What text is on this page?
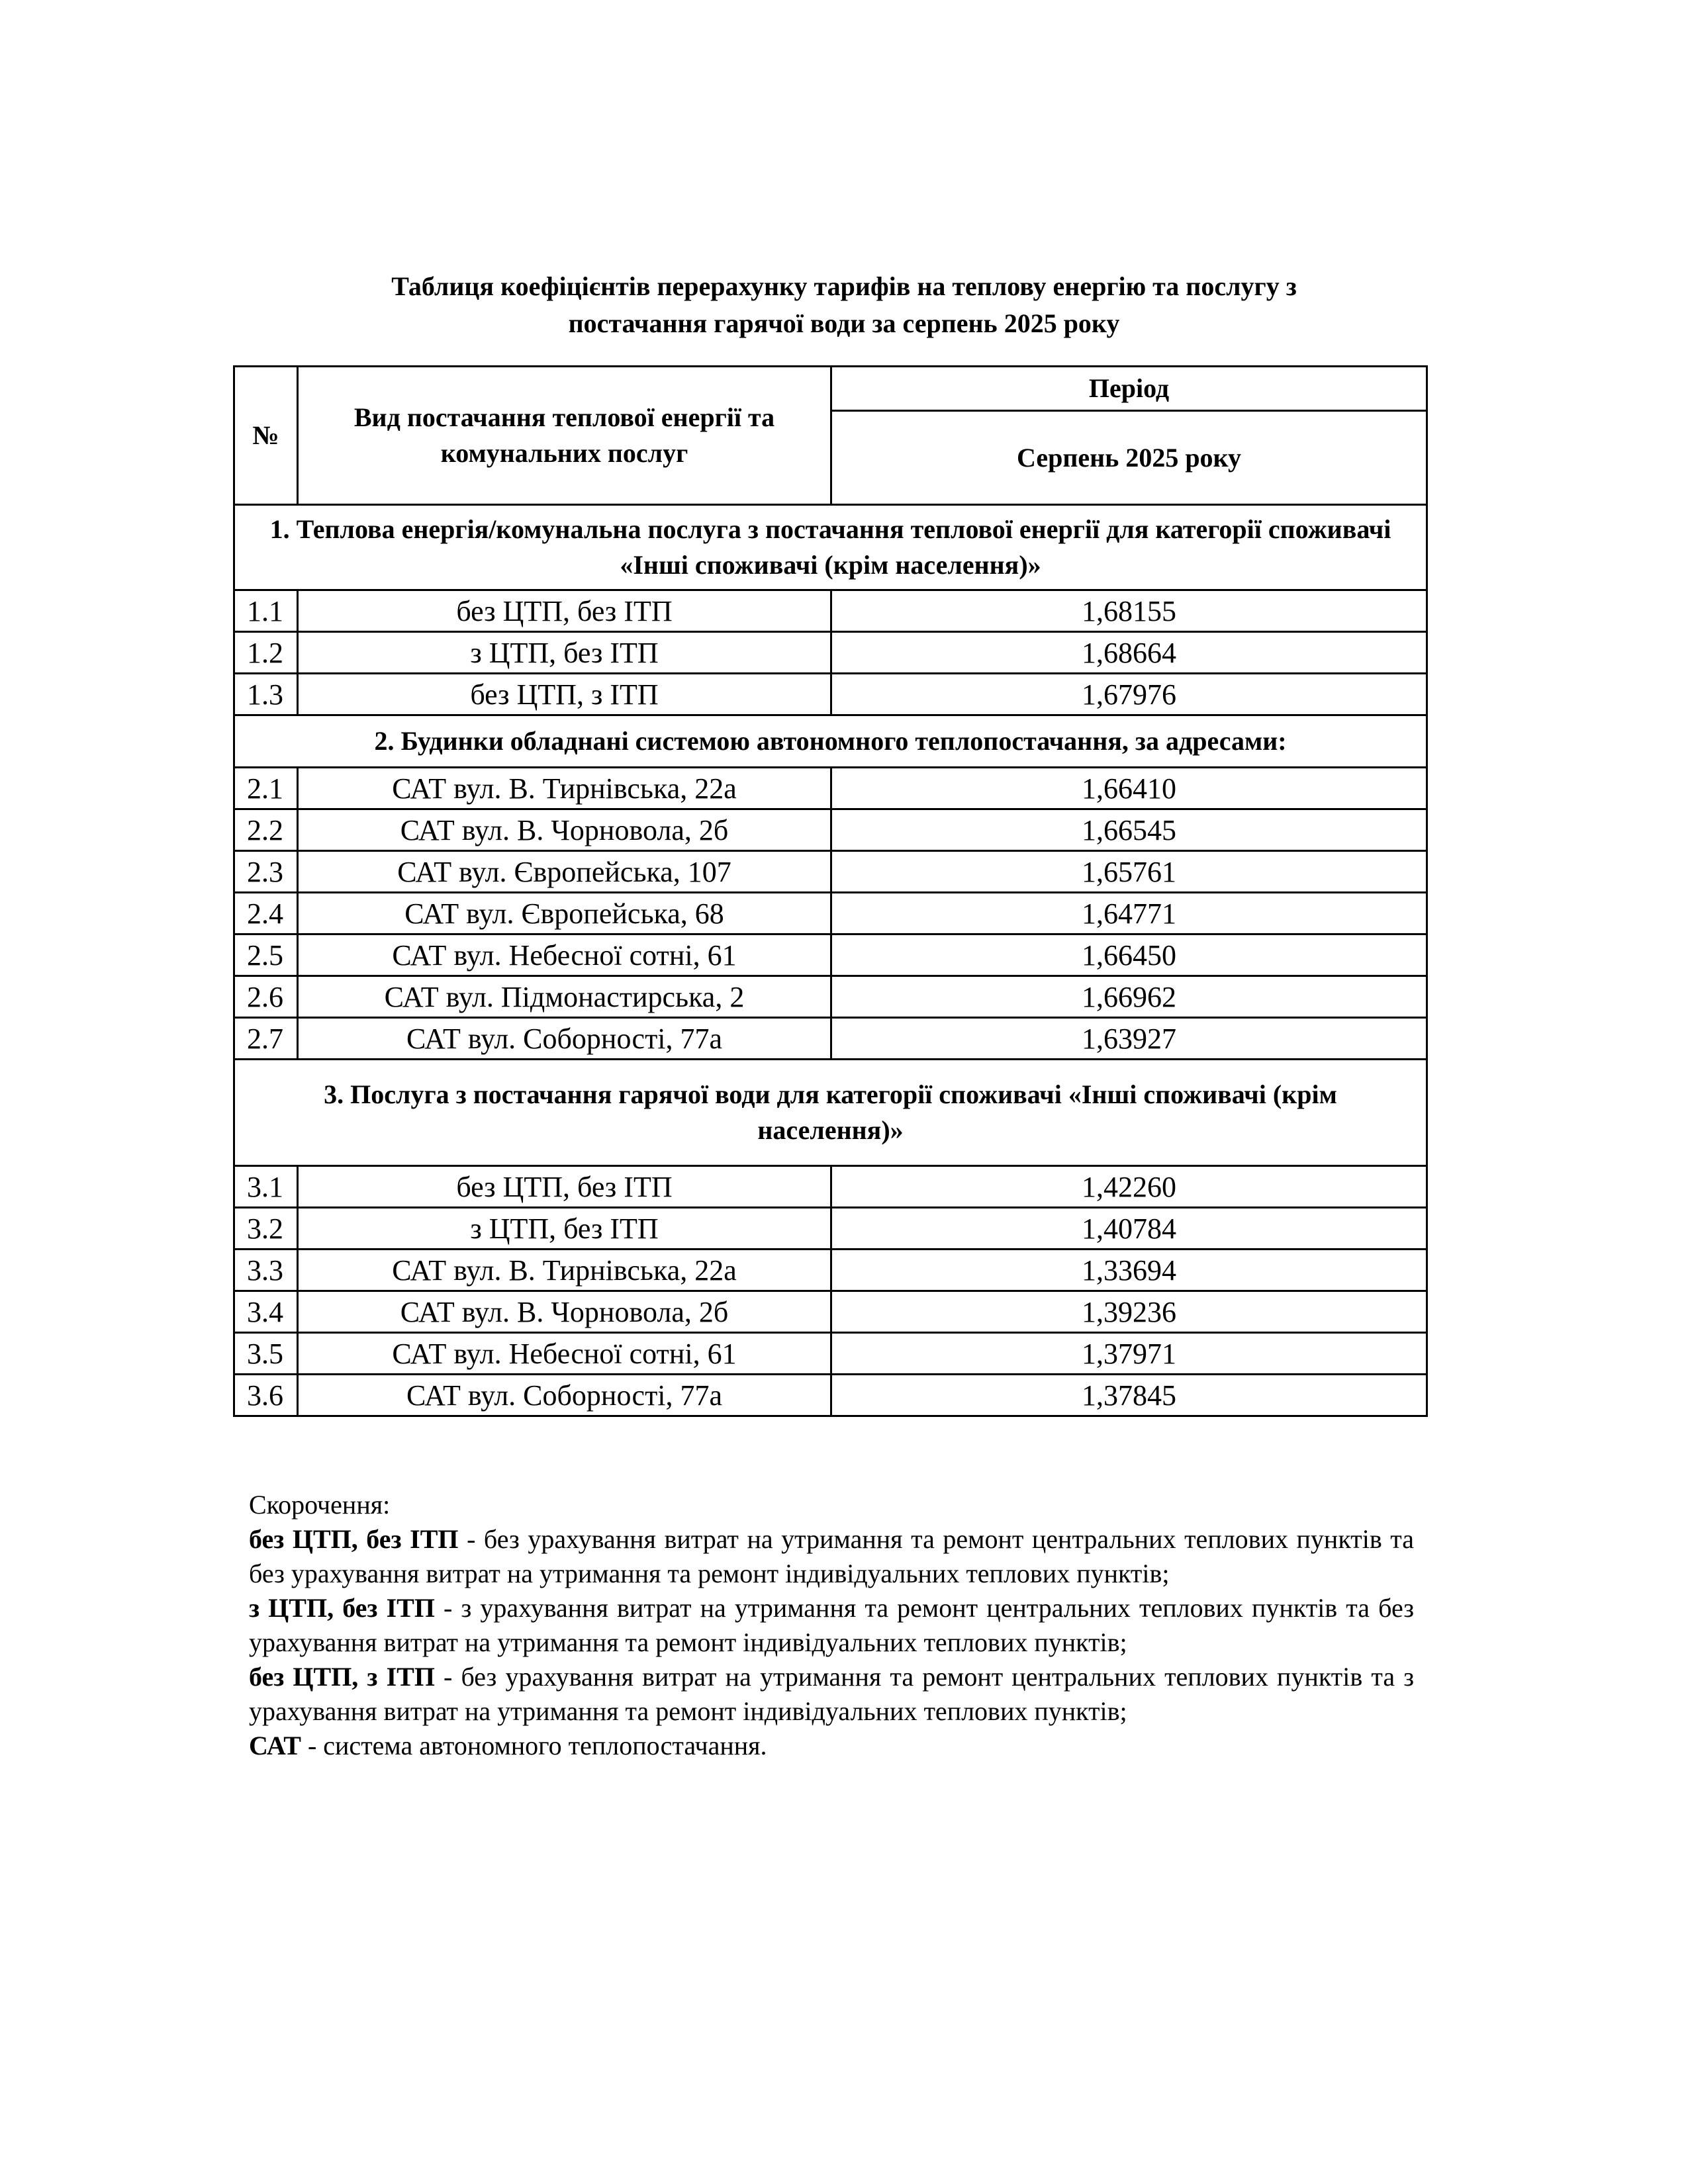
Таблиця коефіцієнтів перерахунку тарифів на теплову енергію та послугу з
постачання гарячої води за серпень 2025 року
№	Вид постачання теплової енергії та комунальних послуг	Період
		Серпень 2025 року
1. Теплова енергія/комунальна послуга з постачання теплової енергії для категорії споживачі «Інші споживачі (крім населення)»		
1.1	без ЦТП, без ІТП	1,68155
1.2	з ЦТП, без ІТП	1,68664
1.3	без ЦТП, з ІТП	1,67976
2. Будинки обладнані системою автономного теплопостачання, за адресами:		
2.1	САТ вул. В. Тирнівська, 22а	1,66410
2.2	САТ вул. В. Чорновола, 2б	1,66545
2.3	САТ вул. Європейська, 107	1,65761
2.4	САТ вул. Європейська, 68	1,64771
2.5	САТ вул. Небесної сотні, 61	1,66450
2.6	САТ вул. Підмонастирська, 2	1,66962
2.7	САТ вул. Соборності, 77а	1,63927
3. Послуга з постачання гарячої води для категорії споживачі «Інші споживачі (крім населення)»		
3.1	без ЦТП, без ІТП	1,42260
3.2	з ЦТП, без ІТП	1,40784
3.3	САТ вул. В. Тирнівська, 22а	1,33694
3.4	САТ вул. В. Чорновола, 2б	1,39236
3.5	САТ вул. Небесної сотні, 61	1,37971
3.6	САТ вул. Соборності, 77а	1,37845

Скорочення:

без ЦТП, без ІТП - без урахування витрат на утримання та ремонт центральних теплових пунктів та без урахування витрат на утримання та ремонт індивідуальних теплових пунктів;

з ЦТП, без ІТП - з урахування витрат на утримання та ремонт центральних теплових пунктів та без урахування витрат на утримання та ремонт індивідуальних теплових пунктів;

без ЦТП, з ІТП - без урахування витрат на утримання та ремонт центральних теплових пунктів та з урахування витрат на утримання та ремонт індивідуальних теплових пунктів;

САТ - система автономного теплопостачання.
